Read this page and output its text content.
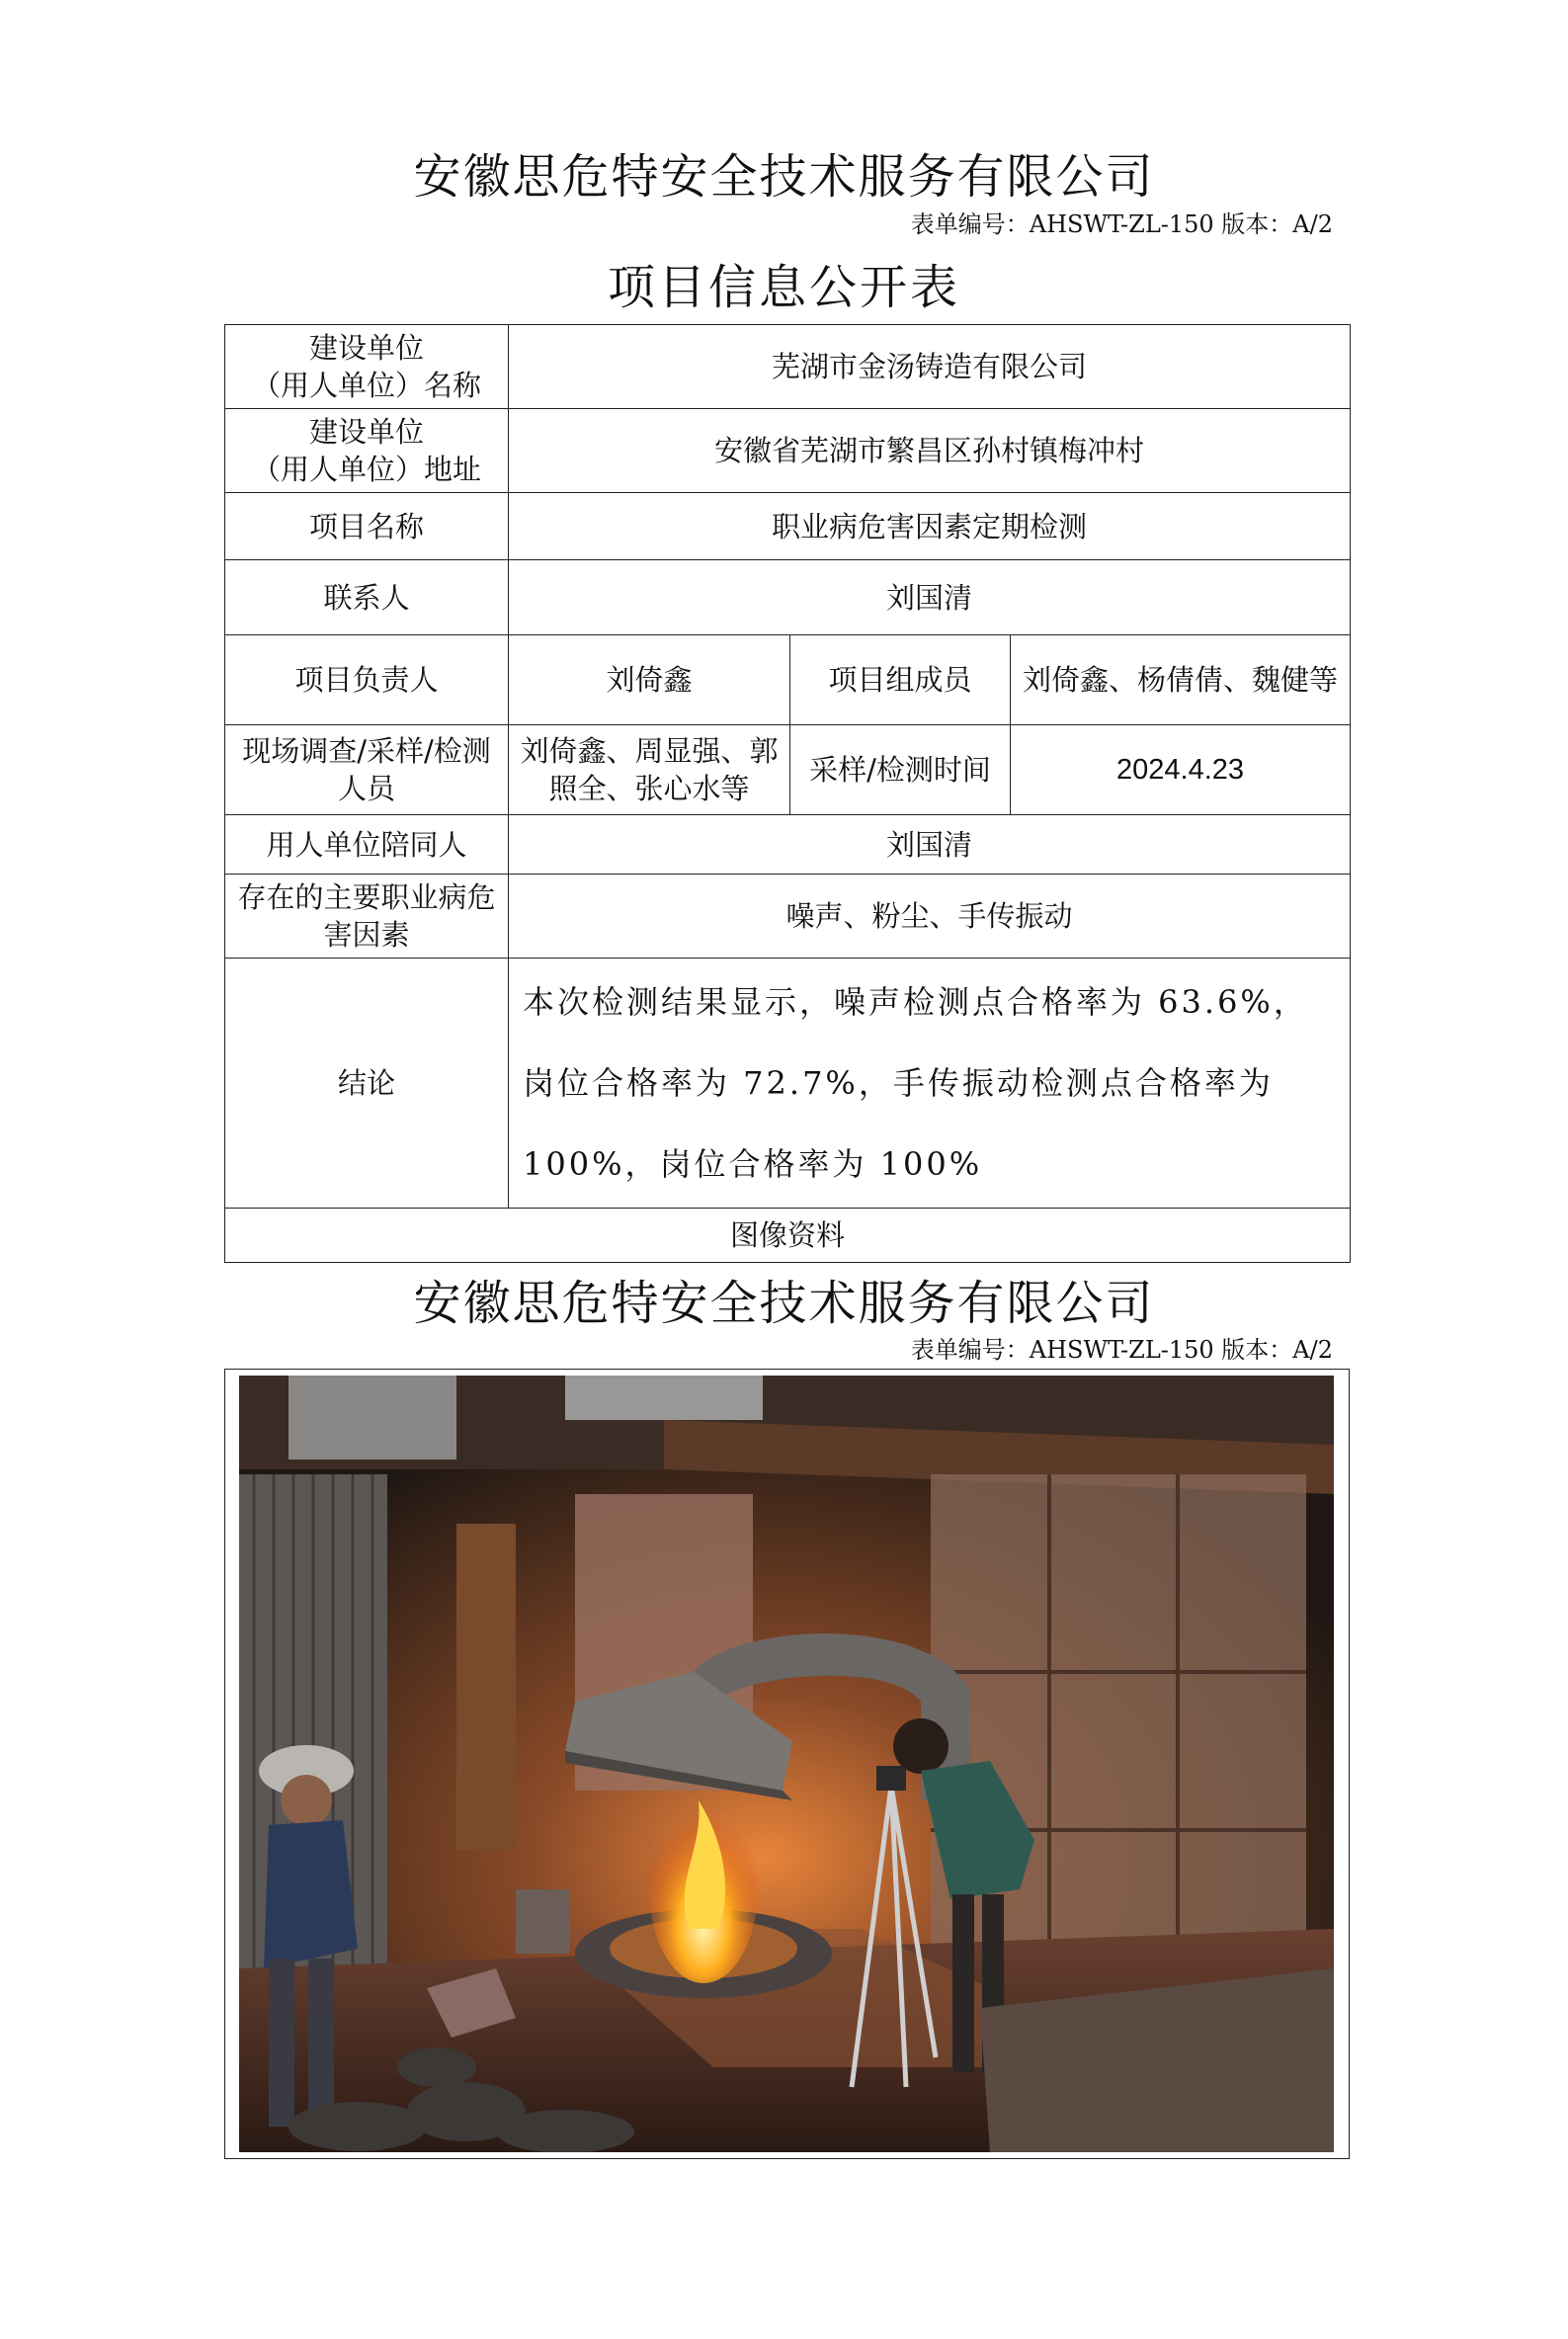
安徽思危特安全技术服务有限公司
表单编号：AHSWT-ZL-150 版本：A/2
项目信息公开表
建设单位
（用人单位）名称	芜湖市金汤铸造有限公司		

建设单位
（用人单位）地址	安徽省芜湖市繁昌区孙村镇梅冲村		
项目名称	职业病危害因素定期检测		
联系人	刘国清		
项目负责人	刘倚鑫	项目组成员	刘倚鑫、杨倩倩、魏健等
现场调查/采样/检测人员	刘倚鑫、周显强、郭照全、张心水等	采样/检测时间	2024.4.23
用人单位陪同人	刘国清		
存在的主要职业病危害因素	噪声、粉尘、手传振动		
结论	本次检测结果显示，噪声检测点合格率为 63.6%，岗位合格率为 72.7%，手传振动检测点合格率为 100%，岗位合格率为 100%		
图像资料			
安徽思危特安全技术服务有限公司
表单编号：AHSWT-ZL-150 版本：A/2
